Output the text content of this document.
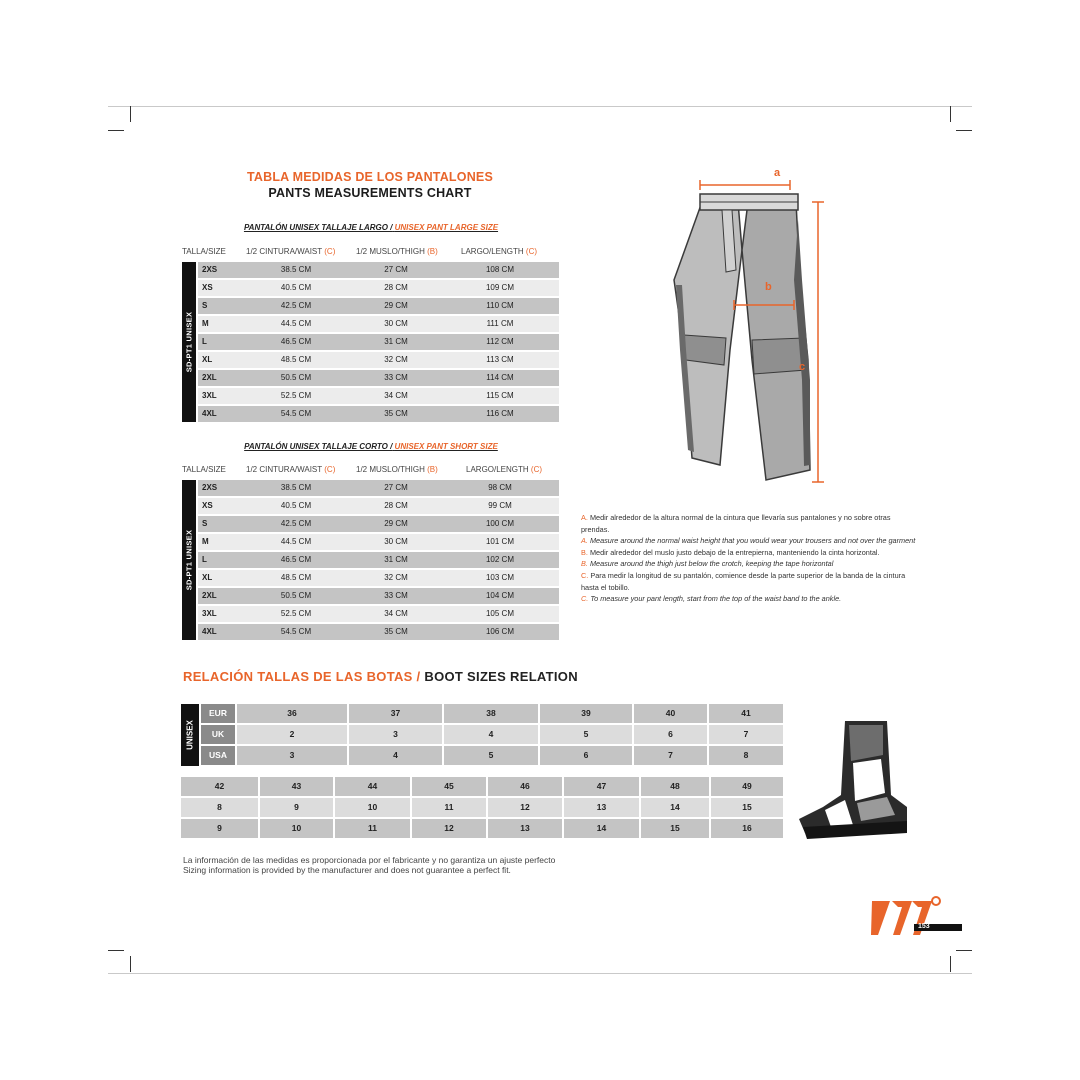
TABLA MEDIDAS DE LOS PANTALONES
PANTS MEASUREMENTS CHART
PANTALÓN UNISEX TALLAJE LARGO / UNISEX PANT LARGE SIZE
TALLA/SIZE	1/2 CINTURA/WAIST (C)	1/2 MUSLO/THIGH (B)	LARGO/LENGTH (C)
SD-PT1 UNISEX
2XS	38.5 CM	27 CM	108 CM
XS	40.5 CM	28 CM	109 CM
S	42.5 CM	29 CM	110 CM
M	44.5 CM	30 CM	111 CM
L	46.5 CM	31 CM	112 CM
XL	48.5 CM	32 CM	113 CM
2XL	50.5 CM	33 CM	114 CM
3XL	52.5 CM	34 CM	115 CM
4XL	54.5 CM	35 CM	116 CM
PANTALÓN UNISEX TALLAJE CORTO / UNISEX PANT SHORT SIZE
TALLA/SIZE	1/2 CINTURA/WAIST (C)	1/2 MUSLO/THIGH (B)	LARGO/LENGTH (C)
SD-PT1 UNISEX
2XS	38.5 CM	27 CM	98 CM
XS	40.5 CM	28 CM	99 CM
S	42.5 CM	29 CM	100 CM
M	44.5 CM	30 CM	101 CM
L	46.5 CM	31 CM	102 CM
XL	48.5 CM	32 CM	103 CM
2XL	50.5 CM	33 CM	104 CM
3XL	52.5 CM	34 CM	105 CM
4XL	54.5 CM	35 CM	106 CM
a
b
c
A. Medir alrededor de la altura normal de la cintura que llevaría sus pantalones y no sobre otras prendas.
A. Measure around the normal waist height that you would wear your trousers and not over the garment
B. Medir alrededor del muslo justo debajo de la entrepierna, manteniendo la cinta horizontal.
B. Measure around the thigh just below the crotch, keeping the tape horizontal
C. Para medir la longitud de su pantalón, comience desde la parte superior de la banda de la cintura hasta el tobillo.
C. To measure your pant length, start from the top of the waist band to the ankle.
RELACIÓN TALLAS DE LAS BOTAS / BOOT SIZES RELATION
UNISEX
EUR
UK
USA
36	37	38	39	40	41
2	3	4	5	6	7
3	4	5	6	7	8
42	43	44	45	46	47	48	49
8	9	10	11	12	13	14	15
9	10	11	12	13	14	15	16
La información de las medidas es proporcionada por el fabricante y no garantiza un ajuste perfecto
Sizing information is provided by the manufacturer and does not guarantee a perfect fit.
153
